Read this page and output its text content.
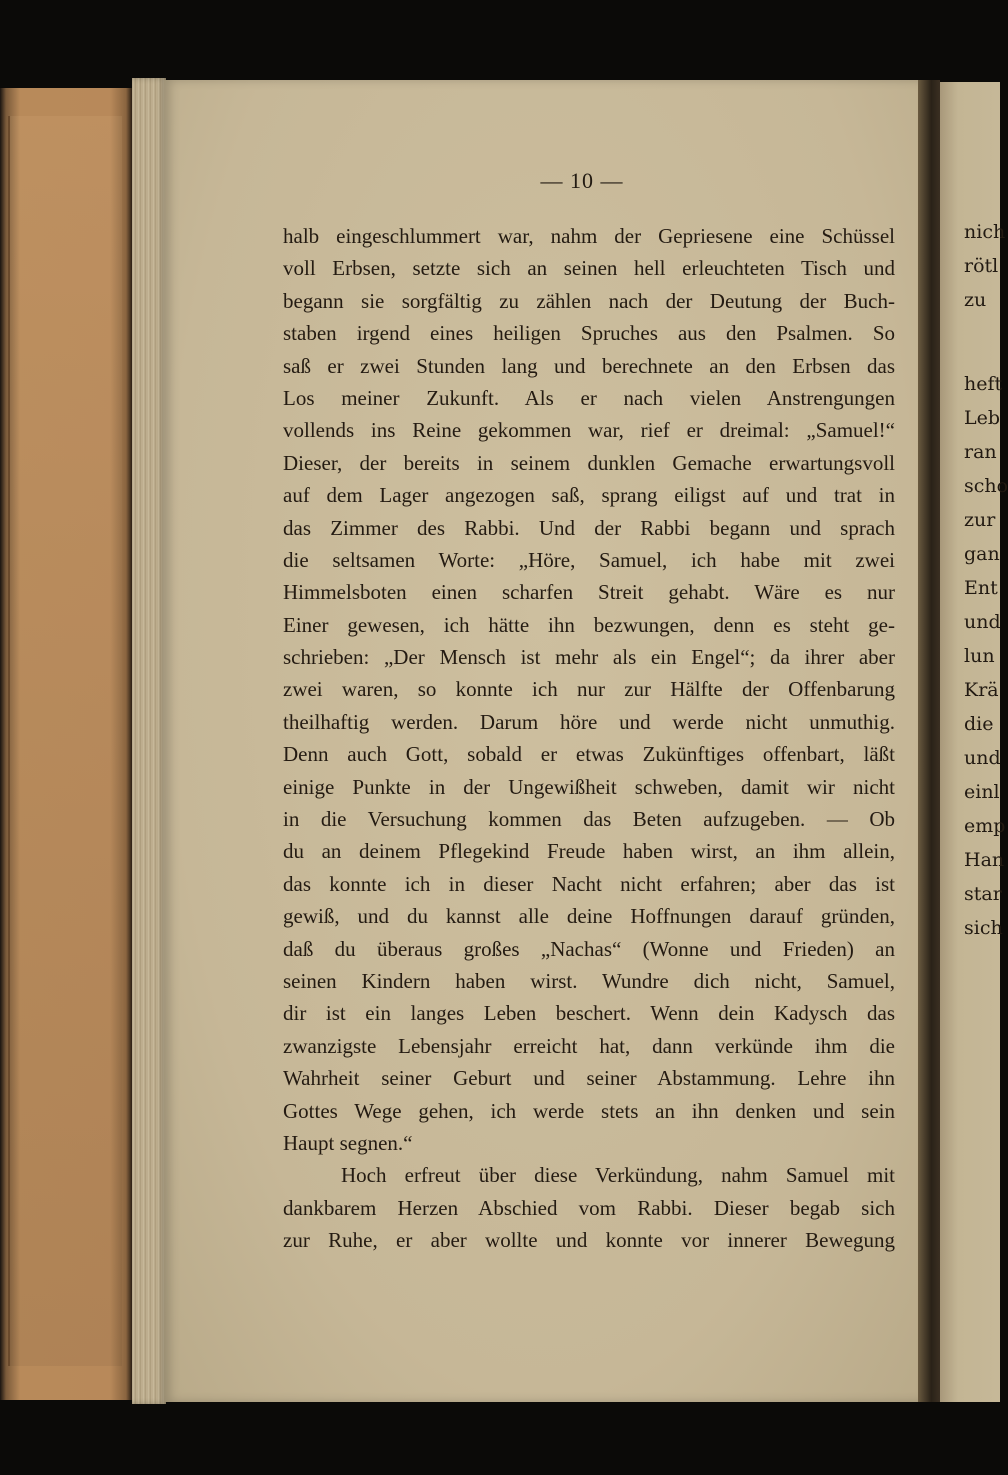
nich
rötl
zu
heft
Leb
ran
scho
zur
gan
Ent
und
lun
Krä
die
und
einl
emp
Han
star
sich
— 10 —
halb eingeschlummert war, nahm der Gepriesene eine Schüssel
voll Erbsen, setzte sich an seinen hell erleuchteten Tisch und
begann sie sorgfältig zu zählen nach der Deutung der Buch-
staben irgend eines heiligen Spruches aus den Psalmen. So
saß er zwei Stunden lang und berechnete an den Erbsen das
Los meiner Zukunft. Als er nach vielen Anstrengungen
vollends ins Reine gekommen war, rief er dreimal: „Samuel!“
Dieser, der bereits in seinem dunklen Gemache erwartungsvoll
auf dem Lager angezogen saß, sprang eiligst auf und trat in
das Zimmer des Rabbi. Und der Rabbi begann und sprach
die seltsamen Worte: „Höre, Samuel, ich habe mit zwei
Himmelsboten einen scharfen Streit gehabt. Wäre es nur
Einer gewesen, ich hätte ihn bezwungen, denn es steht ge-
schrieben: „Der Mensch ist mehr als ein Engel“; da ihrer aber
zwei waren, so konnte ich nur zur Hälfte der Offenbarung
theilhaftig werden. Darum höre und werde nicht unmuthig.
Denn auch Gott, sobald er etwas Zukünftiges offenbart, läßt
einige Punkte in der Ungewißheit schweben, damit wir nicht
in die Versuchung kommen das Beten aufzugeben. — Ob
du an deinem Pflegekind Freude haben wirst, an ihm allein,
das konnte ich in dieser Nacht nicht erfahren; aber das ist
gewiß, und du kannst alle deine Hoffnungen darauf gründen,
daß du überaus großes „Nachas“ (Wonne und Frieden) an
seinen Kindern haben wirst. Wundre dich nicht, Samuel,
dir ist ein langes Leben beschert. Wenn dein Kadysch das
zwanzigste Lebensjahr erreicht hat, dann verkünde ihm die
Wahrheit seiner Geburt und seiner Abstammung. Lehre ihn
Gottes Wege gehen, ich werde stets an ihn denken und sein
Haupt segnen.“
Hoch erfreut über diese Verkündung, nahm Samuel mit
dankbarem Herzen Abschied vom Rabbi. Dieser begab sich
zur Ruhe, er aber wollte und konnte vor innerer Bewegung
